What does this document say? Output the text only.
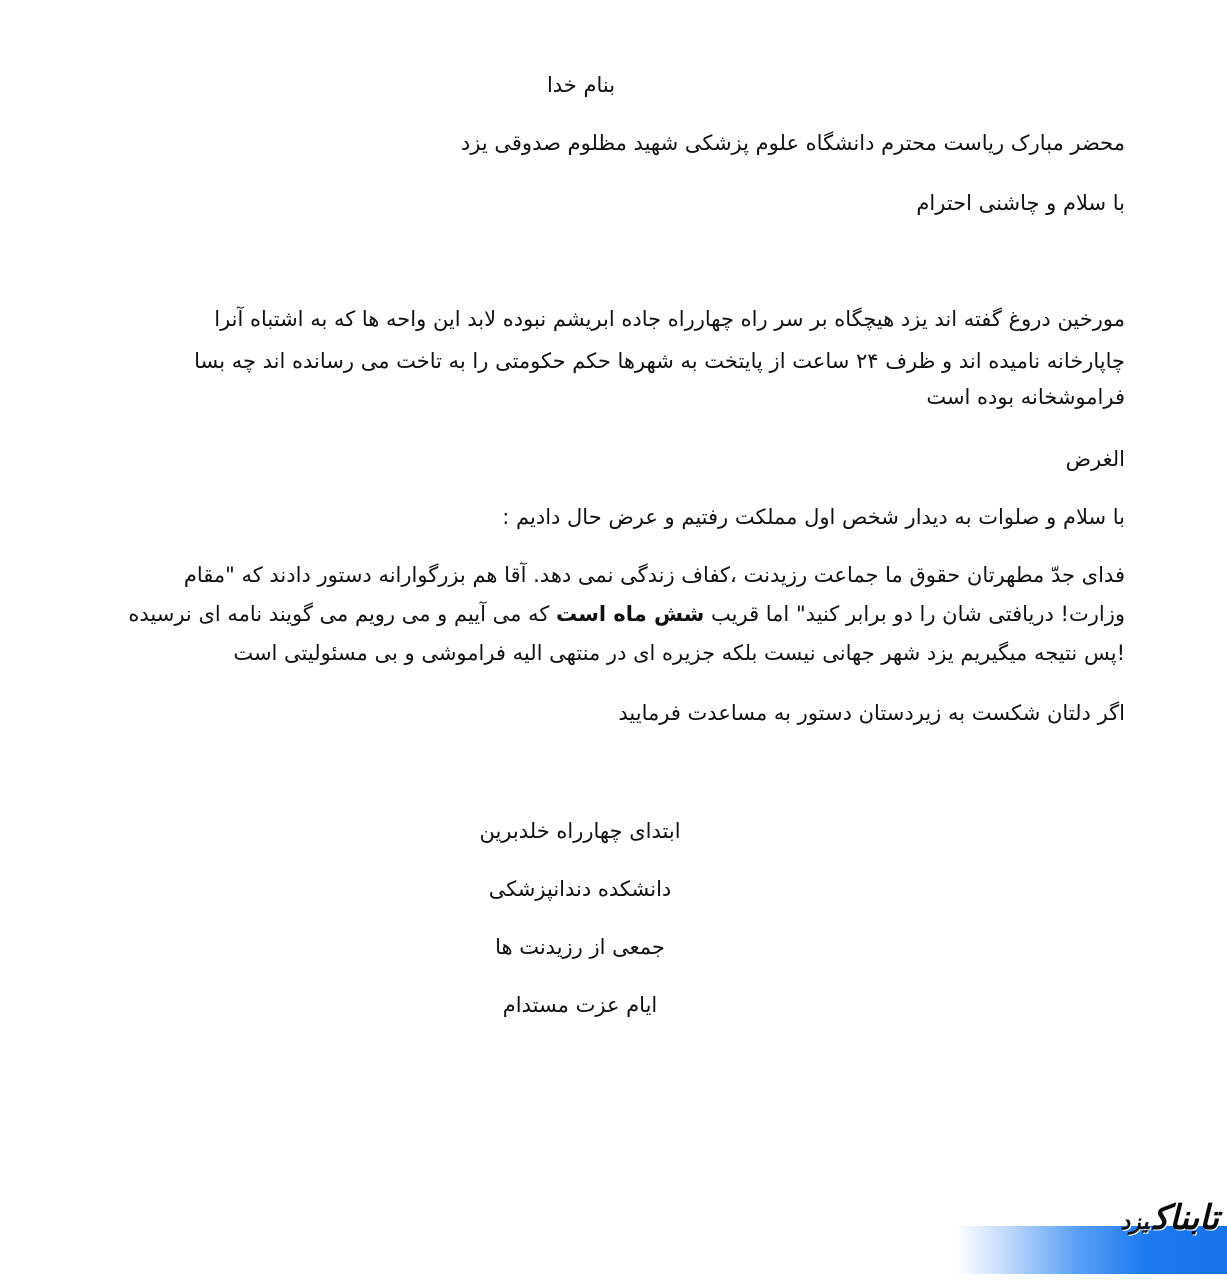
بنام خدا
محضر مبارک ریاست محترم دانشگاه علوم پزشکی شهید مظلوم صدوقی یزد
با سلام و چاشنی احترام
مورخین دروغ گفته اند یزد هیچگاه بر سر راه چهارراه جاده ابریشم نبوده لابد این واحه ها که به اشتباه آنرا
چاپارخانه نامیده اند و ظرف ۲۴ ساعت از پایتخت به شهرها حکم حکومتی را به تاخت می رسانده اند چه بسا
فراموشخانه بوده است
الغرض
با سلام و صلوات به دیدار شخص اول مملکت رفتیم و عرض حال دادیم :
فدای جدّ مطهرتان حقوق ما جماعت رزیدنت ،کفاف زندگی نمی دهد. آقا هم بزرگوارانه دستور دادند که "مقام
وزارت! دریافتی شان را دو برابر کنید" اما قریب شش ماه است که می آییم و می رویم می گویند نامه ای نرسیده
!پس نتیجه میگیریم یزد شهر جهانی نیست بلکه جزیره ای در منتهی الیه فراموشی و بی مسئولیتی است
اگر دلتان شکست به زیردستان دستور به مساعدت فرمایید
ابتدای چهارراه خلدبرین
دانشکده دندانپزشکی
جمعی از رزیدنت ها
ایام عزت مستدام
تابناکیزد
